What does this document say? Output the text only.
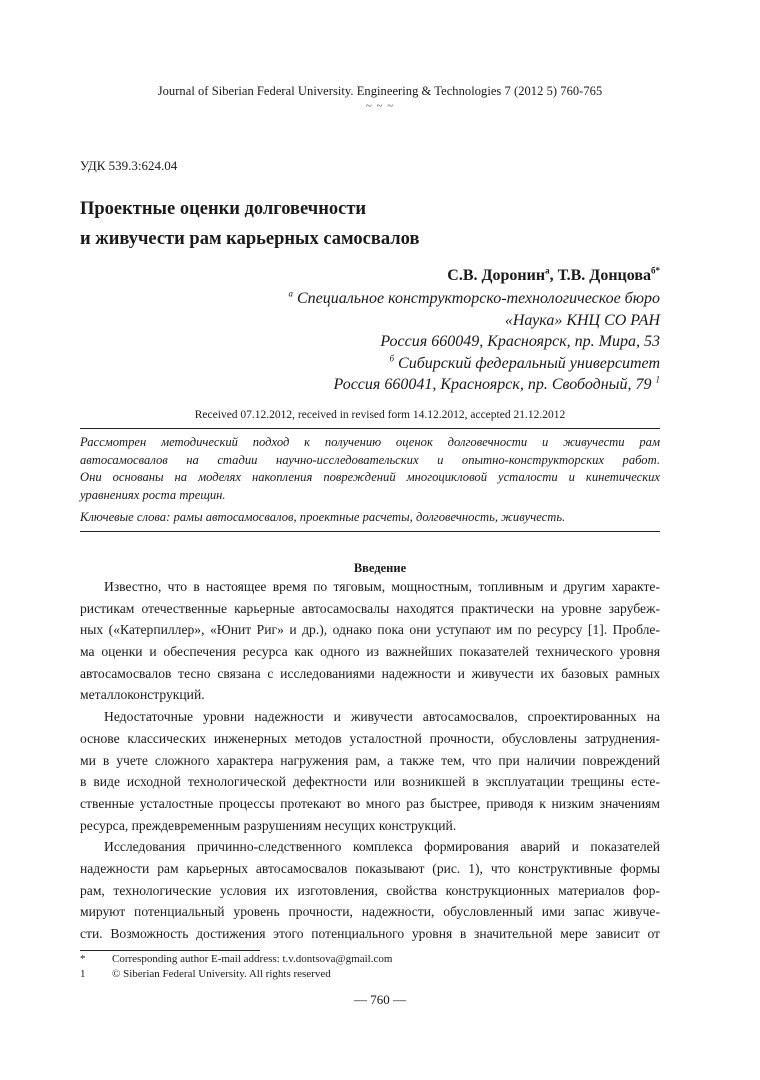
Journal of Siberian Federal University. Engineering & Technologies 7 (2012 5) 760-765
~ ~ ~
УДК 539.3:624.04
Проектные оценки долговечности
и живучести рам карьерных самосвалов
С.В. Доронин$^а$, Т.В. Донцова$^{б*}$
$^а$ Специальное конструкторско-технологическое бюро
«Наука» КНЦ СО РАН
Россия 660049, Красноярск, пр. Мира, 53
$^б$ Сибирский федеральный университет
Россия 660041, Красноярск, пр. Свободный, 79 $^1$
Received 07.12.2012, received in revised form 14.12.2012, accepted 21.12.2012
Рассмотрен методический подход к получению оценок долговечности и живучести рам
автосамосвалов на стадии научно-исследовательских и опытно-конструкторских работ.
Они основаны на моделях накопления повреждений многоцикловой усталости и кинетических
уравнениях роста трещин.
Ключевые слова: рамы автосамосвалов, проектные расчеты, долговечность, живучесть.
Введение
Известно, что в настоящее время по тяговым, мощностным, топливным и другим характе-
ристикам отечественные карьерные автосамосвалы находятся практически на уровне зарубеж-
ных («Катерпиллер», «Юнит Риг» и др.), однако пока они уступают им по ресурсу [1]. Пробле-
ма оценки и обеспечения ресурса как одного из важнейших показателей технического уровня
автосамосвалов тесно связана с исследованиями надежности и живучести их базовых рамных
металлоконструкций.
Недостаточные уровни надежности и живучести автосамосвалов, спроектированных на
основе классических инженерных методов усталостной прочности, обусловлены затруднения-
ми в учете сложного характера нагружения рам, а также тем, что при наличии повреждений
в виде исходной технологической дефектности или возникшей в эксплуатации трещины есте-
ственные усталостные процессы протекают во много раз быстрее, приводя к низким значениям
ресурса, преждевременным разрушениям несущих конструкций.
Исследования причинно-следственного комплекса формирования аварий и показателей
надежности рам карьерных автосамосвалов показывают (рис. 1), что конструктивные формы
рам, технологические условия их изготовления, свойства конструкционных материалов фор-
мируют потенциальный уровень прочности, надежности, обусловленный ими запас живуче-
сти. Возможность достижения этого потенциального уровня в значительной мере зависит от
* Corresponding author E-mail address: t.v.dontsova@gmail.com
1 © Siberian Federal University. All rights reserved
— 760 —
